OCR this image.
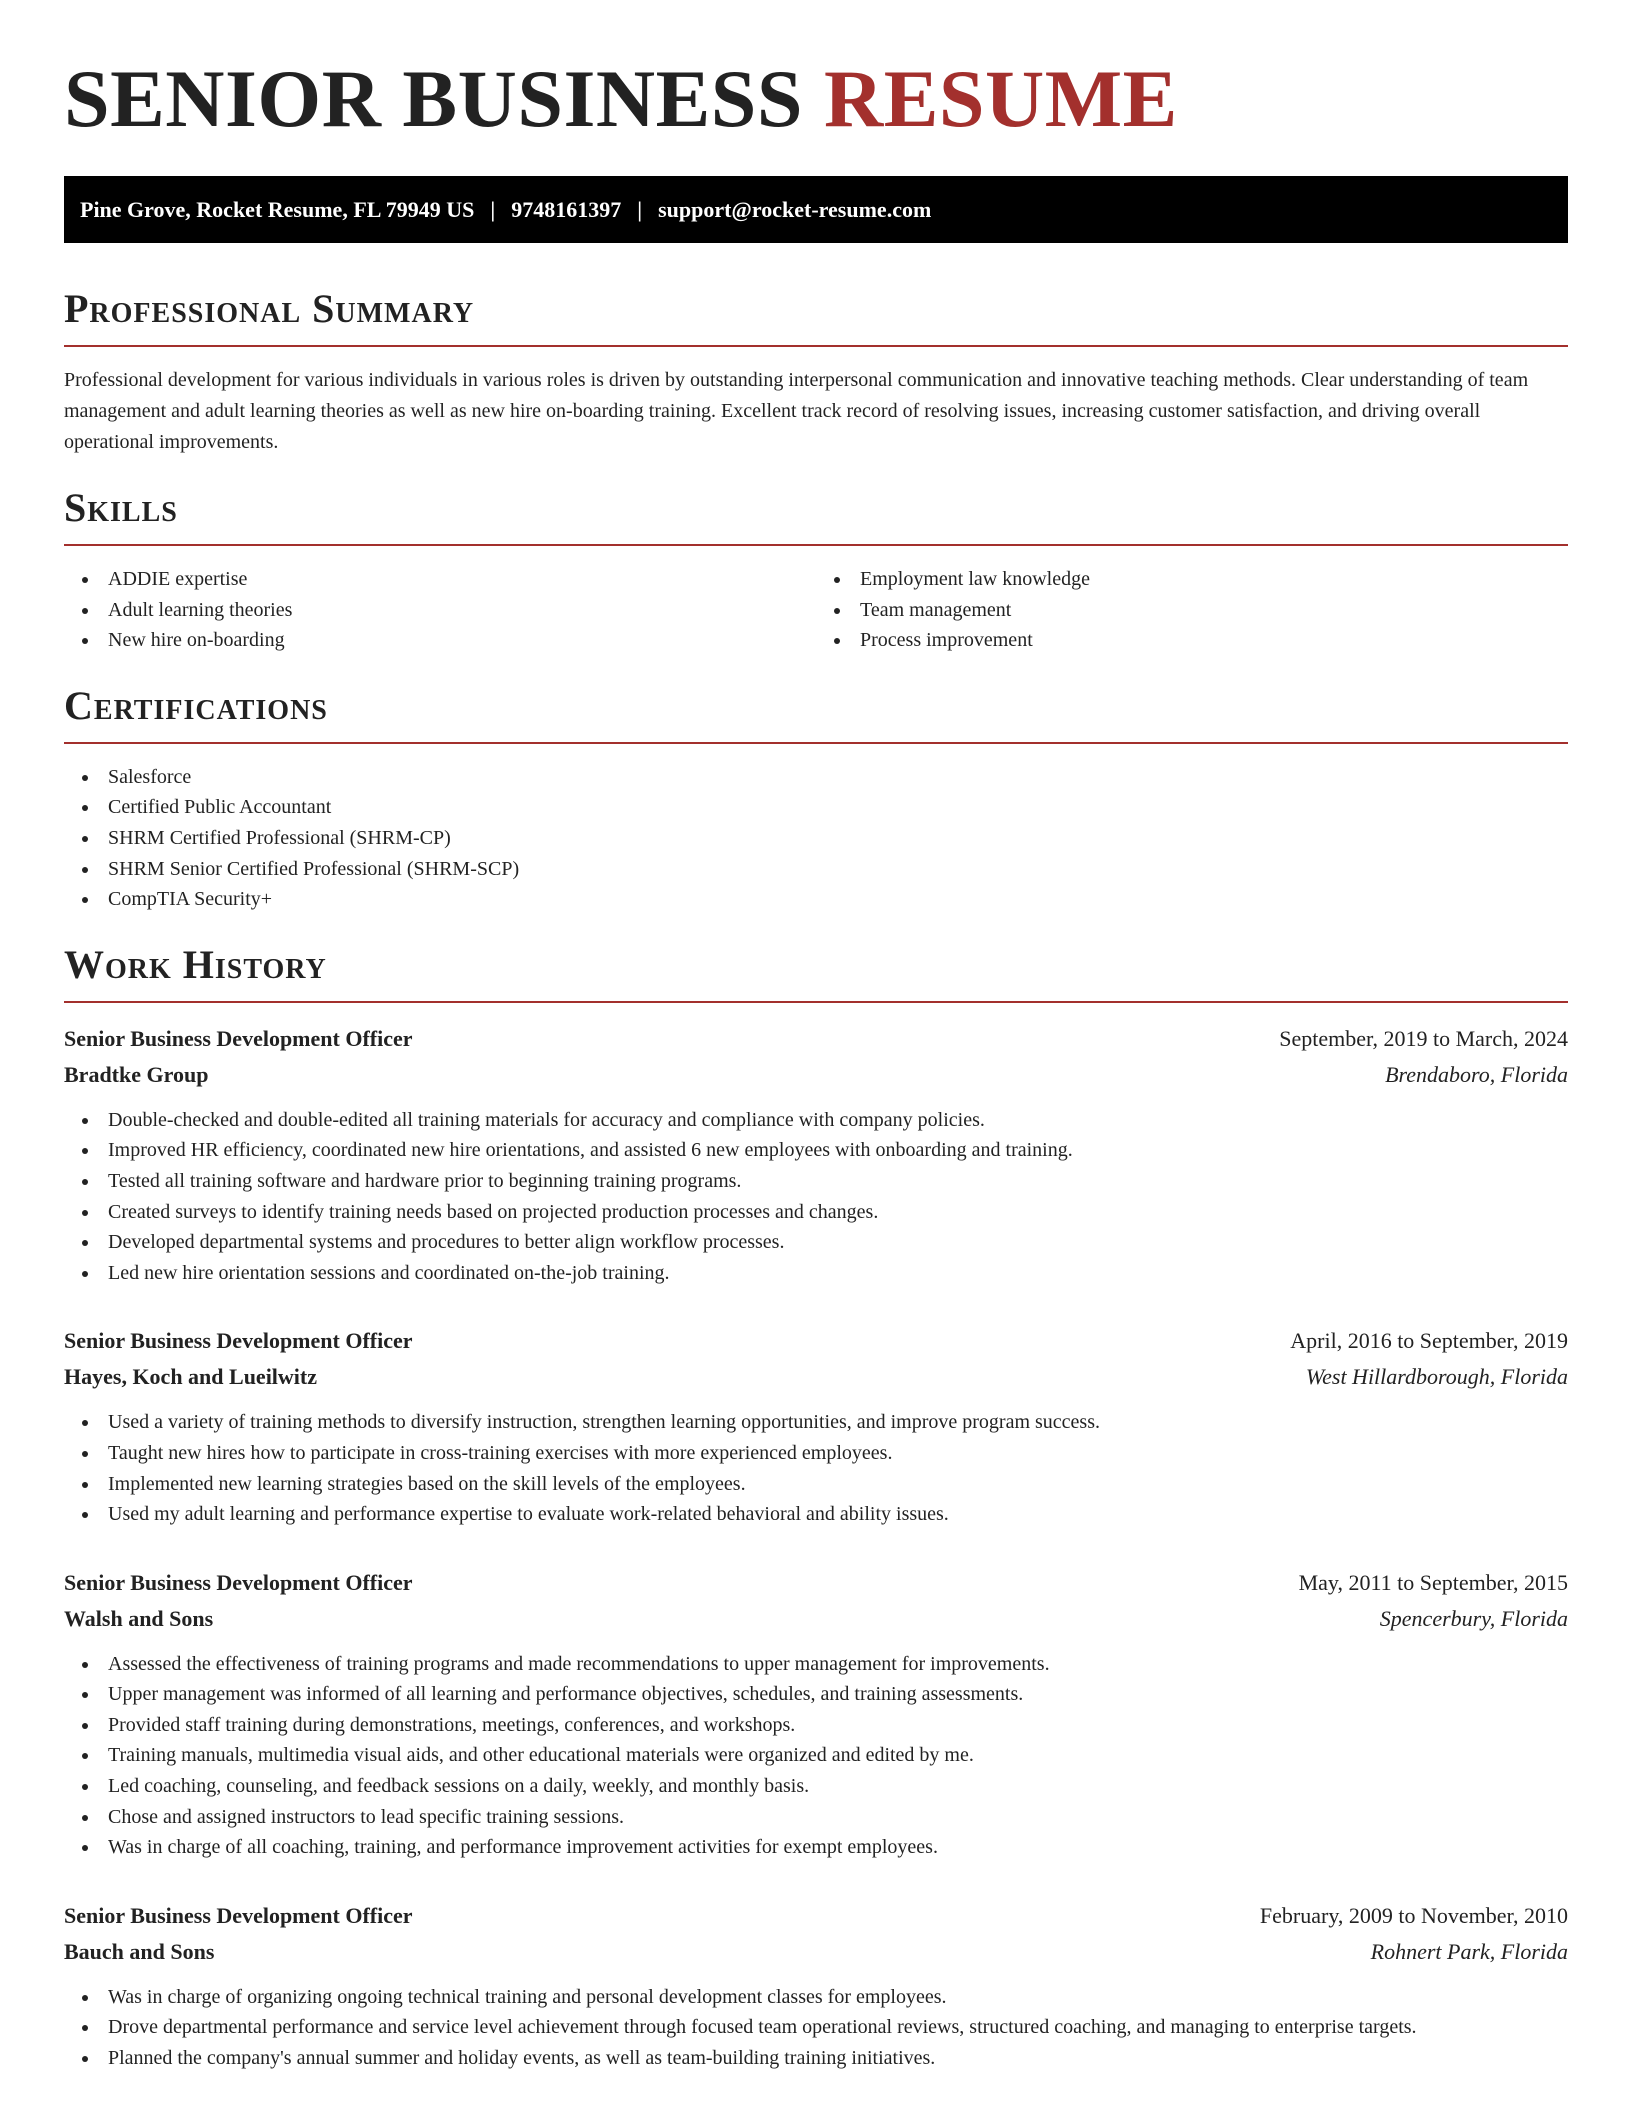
SENIOR BUSINESS RESUME
Pine Grove, Rocket Resume, FL 79949 US | 9748161397 | support@rocket-resume.com
Professional Summary

Professional development for various individuals in various roles is driven by outstanding interpersonal communication and innovative teaching methods. Clear understanding of team management and adult learning theories as well as new hire on-boarding training. Excellent track record of resolving issues, increasing customer satisfaction, and driving overall operational improvements.

Skills
ADDIE expertise
Adult learning theories
New hire on-boarding
Employment law knowledge
Team management
Process improvement
Certifications
Salesforce
Certified Public Accountant
SHRM Certified Professional (SHRM-CP)
SHRM Senior Certified Professional (SHRM-SCP)
CompTIA Security+
Work History
Senior Business Development Officer	September, 2019 to March, 2024
Bradtke Group	Brendaboro, Florida
Double-checked and double-edited all training materials for accuracy and compliance with company policies.
Improved HR efficiency, coordinated new hire orientations, and assisted 6 new employees with onboarding and training.
Tested all training software and hardware prior to beginning training programs.
Created surveys to identify training needs based on projected production processes and changes.
Developed departmental systems and procedures to better align workflow processes.
Led new hire orientation sessions and coordinated on-the-job training.
Senior Business Development Officer	April, 2016 to September, 2019
Hayes, Koch and Lueilwitz	West Hillardborough, Florida
Used a variety of training methods to diversify instruction, strengthen learning opportunities, and improve program success.
Taught new hires how to participate in cross-training exercises with more experienced employees.
Implemented new learning strategies based on the skill levels of the employees.
Used my adult learning and performance expertise to evaluate work-related behavioral and ability issues.
Senior Business Development Officer	May, 2011 to September, 2015
Walsh and Sons	Spencerbury, Florida
Assessed the effectiveness of training programs and made recommendations to upper management for improvements.
Upper management was informed of all learning and performance objectives, schedules, and training assessments.
Provided staff training during demonstrations, meetings, conferences, and workshops.
Training manuals, multimedia visual aids, and other educational materials were organized and edited by me.
Led coaching, counseling, and feedback sessions on a daily, weekly, and monthly basis.
Chose and assigned instructors to lead specific training sessions.
Was in charge of all coaching, training, and performance improvement activities for exempt employees.
Senior Business Development Officer	February, 2009 to November, 2010
Bauch and Sons	Rohnert Park, Florida
Was in charge of organizing ongoing technical training and personal development classes for employees.
Drove departmental performance and service level achievement through focused team operational reviews, structured coaching, and managing to enterprise targets.
Planned the company's annual summer and holiday events, as well as team-building training initiatives.
